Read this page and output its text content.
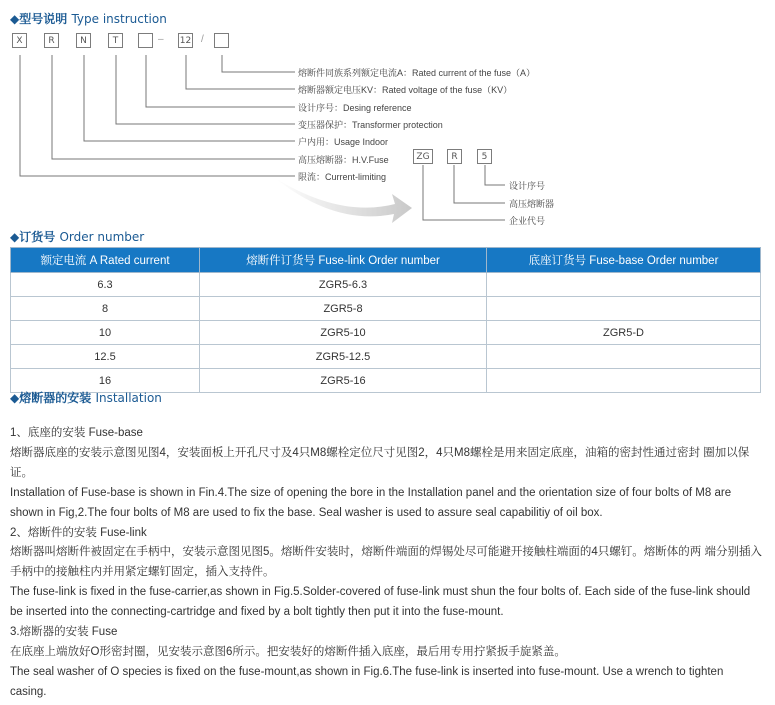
◆型号说明 Type instruction
X	R	N	T	– 12 /
熔断件同族系列额定电流A：Rated current of the fuse（A）
熔断器额定电压KV：Rated voltage of the fuse（KV）
设计序号：Desing reference
变压器保护：Transformer protection
户内用：Usage Indoor
高压熔断器：H.V.Fuse
限流：Current-limiting
ZG	R	5
设计序号
高压熔断器
企业代号
◆订货号 Order number
额定电流 A Rated current	熔断件订货号 Fuse-link Order number	底座订货号 Fuse-base Order number
6.3	ZGR5-6.3	
8	ZGR5-8	
10	ZGR5-10	ZGR5-D
12.5	ZGR5-12.5	
16	ZGR5-16	
◆熔断器的安装 Installation

1、底座的安装 Fuse-base

熔断器底座的安装示意图见图4，安装面板上开孔尺寸及4只M8螺栓定位尺寸见图2，4只M8螺栓是用来固定底座，油箱的密封性通过密封 圈加以保证。

Installation of Fuse-base is shown in Fin.4.The size of opening the bore in the Installation panel and the orientation size of four bolts of M8 are shown in Fig,2.The four bolts of M8 are used to fix the base. Seal washer is used to assure seal capabilitiy of oil box.

2、熔断件的安装 Fuse-link

熔断器叫熔断件被固定在手柄中，安装示意图见图5。熔断件安装时，熔断件端面的焊锡处尽可能避开接触柱端面的4只螺钉。熔断体的两 端分别插入手柄中的接触柱内并用紧定螺钉固定，插入支持件。

The fuse-link is fixed in the fuse-carrier,as shown in Fig.5.Solder-covered of fuse-link must shun the four bolts of. Each side of the fuse-link should be inserted into the connecting-cartridge and fixed by a bolt tightly then put it into the fuse-mount.

3.熔断器的安装 Fuse

在底座上端放好O形密封圈，见安装示意图6所示。把安装好的熔断件插入底座，最后用专用拧紧扳手旋紧盖。

The seal washer of O species is fixed on the fuse-mount,as shown in Fig.6.The fuse-link is inserted into fuse-mount. Use a wrench to tighten casing.
